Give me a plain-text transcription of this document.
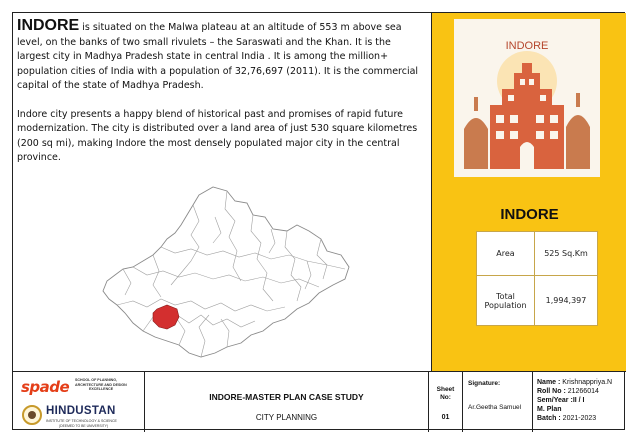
INDORE is situated on the Malwa plateau at an altitude of 553 m above sea level, on the banks of two small rivulets – the Saraswati and the Khan. It is the largest city in Madhya Pradesh state in central India . It is among the million+ population cities of India with a population of 32,76,697 (2011). It is the commercial capital of the state of Madhya Pradesh.

Indore city presents a happy blend of historical past and promises of rapid future modernization. The city is distributed over a land area of just 530 square kilometres (200 sq mi), making Indore the most densely populated major city in the central province.

INDORE
INDORE
Area	525 Sq.Km
Total Population	1,994,397
spade SCHOOL OF PLANNING,
ARCHITECTURE AND DESIGN
EXCELLENCE
HINDUSTAN
INSTITUTE OF TECHNOLOGY & SCIENCE
(DEEMED TO BE UNIVERSITY)
INDORE-MASTER PLAN CASE STUDY
CITY PLANNING
Sheet
No:
01
Signature:
Ar.Geetha Samuel
Name : Krishnappriya.N
Roll No : 21266014
Sem/Year :II / I
M. Plan
Batch : 2021-2023
